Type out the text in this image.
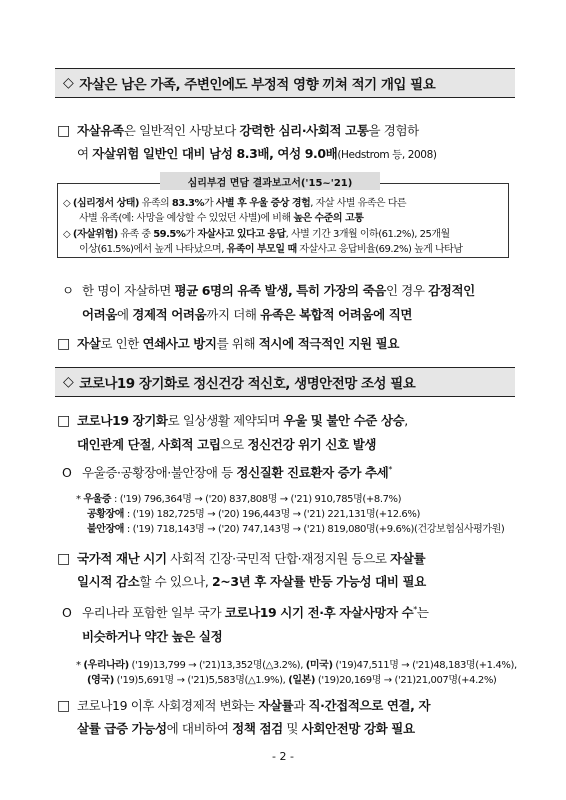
◇ 자살은 남은 가족, 주변인에도 부정적 영향 끼쳐 적기 개입 필요
□ 자살유족은 일반적인 사망보다 강력한 심리·사회적 고통을 경험하
여 자살위험 일반인 대비 남성 8.3배, 여성 9.0배(Hedstrom 등, 2008)
심리부검 면담 결과보고서('15~'21)
◇ (심리정서 상태) 유족의 83.3%가 사별 후 우울 증상 경험, 자살 사별 유족은 다른
사별 유족(예: 사망을 예상할 수 있었던 사별)에 비해 높은 수준의 고통
◇ (자살위험) 유족 중 59.5%가 자살사고 있다고 응답, 사별 기간 3개월 이하(61.2%), 25개월
이상(61.5%)에서 높게 나타났으며, 유족이 부모일 때 자살사고 응답비율(69.2%) 높게 나타남
ㅇ 한 명이 자살하면 평균 6명의 유족 발생, 특히 가장의 죽음인 경우 감정적인
어려움에 경제적 어려움까지 더해 유족은 복합적 어려움에 직면
□ 자살로 인한 연쇄사고 방지를 위해 적시에 적극적인 지원 필요
◇ 코로나19 장기화로 정신건강 적신호, 생명안전망 조성 필요
□ 코로나19 장기화로 일상생활 제약되며 우울 및 불안 수준 상승,
대인관계 단절, 사회적 고립으로 정신건강 위기 신호 발생
O 우울증·공황장애·불안장애 등 정신질환 진료환자 증가 추세*
* 우울증 : ('19) 796,364명 → ('20) 837,808명 → ('21) 910,785명(+8.7%)
공황장애 : ('19) 182,725명 → ('20) 196,443명 → ('21) 221,131명(+12.6%)
불안장애 : ('19) 718,143명 → ('20) 747,143명 → ('21) 819,080명(+9.6%)(건강보험심사평가원)
□ 국가적 재난 시기 사회적 긴장·국민적 단합·재정지원 등으로 자살률
일시적 감소할 수 있으나, 2~3년 후 자살률 반등 가능성 대비 필요
O 우리나라 포함한 일부 국가 코로나19 시기 전·후 자살사망자 수*는
비슷하거나 약간 높은 실정
* (우리나라) ('19)13,799 → ('21)13,352명(△3.2%), (미국) ('19)47,511명 → ('21)48,183명(+1.4%),
(영국) ('19)5,691명 → ('21)5,583명(△1.9%), (일본) ('19)20,169명 → ('21)21,007명(+4.2%)
□ 코로나19 이후 사회경제적 변화는 자살률과 직·간접적으로 연결, 자
살률 급증 가능성에 대비하여 정책 점검 및 사회안전망 강화 필요
- 2 -
